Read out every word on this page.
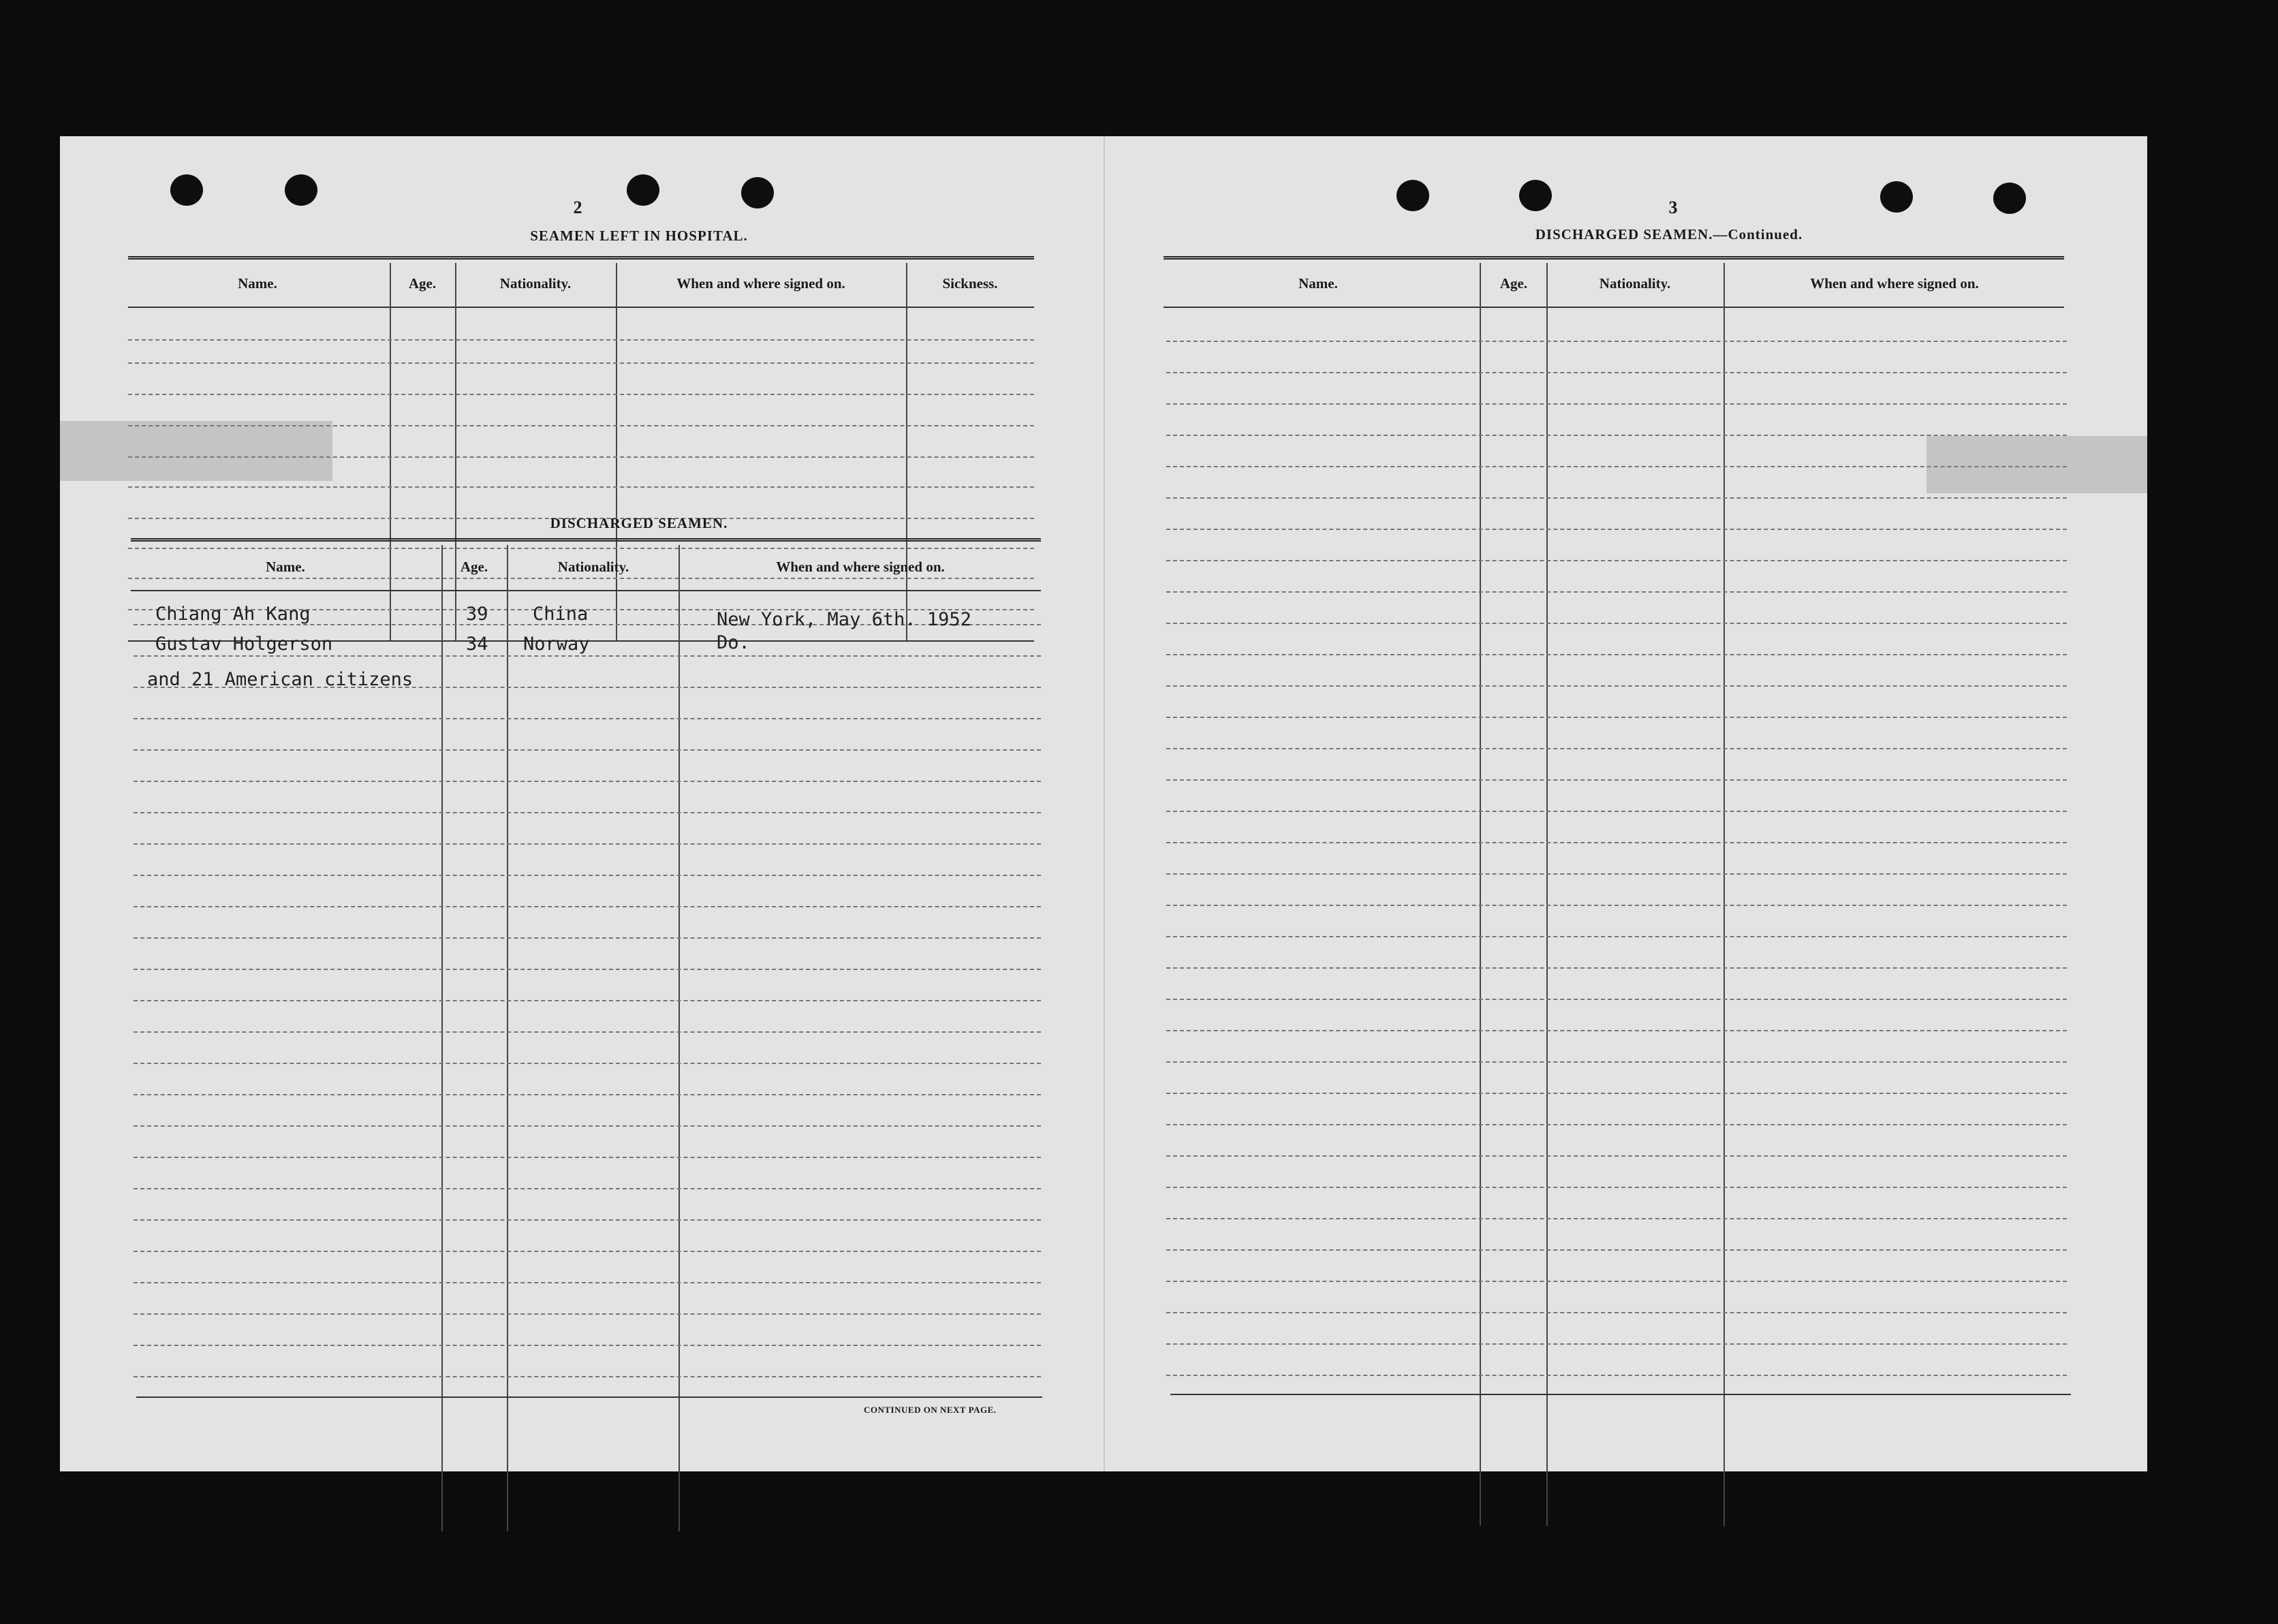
2
SEAMEN LEFT IN HOSPITAL.
Name.	Age.	Nationality.	When and where signed on.	Sickness.
DISCHARGED SEAMEN.
Name.	Age.	Nationality.	When and where signed on.
CONTINUED ON NEXT PAGE.
Chiang Ah Kang	39 China	New York, May 6th. 1952
Gustav Holgerson	34 Norway	Do.
and 21 American citizens
3
DISCHARGED SEAMEN.—Continued.
Name.	Age.	Nationality.	When and where signed on.
